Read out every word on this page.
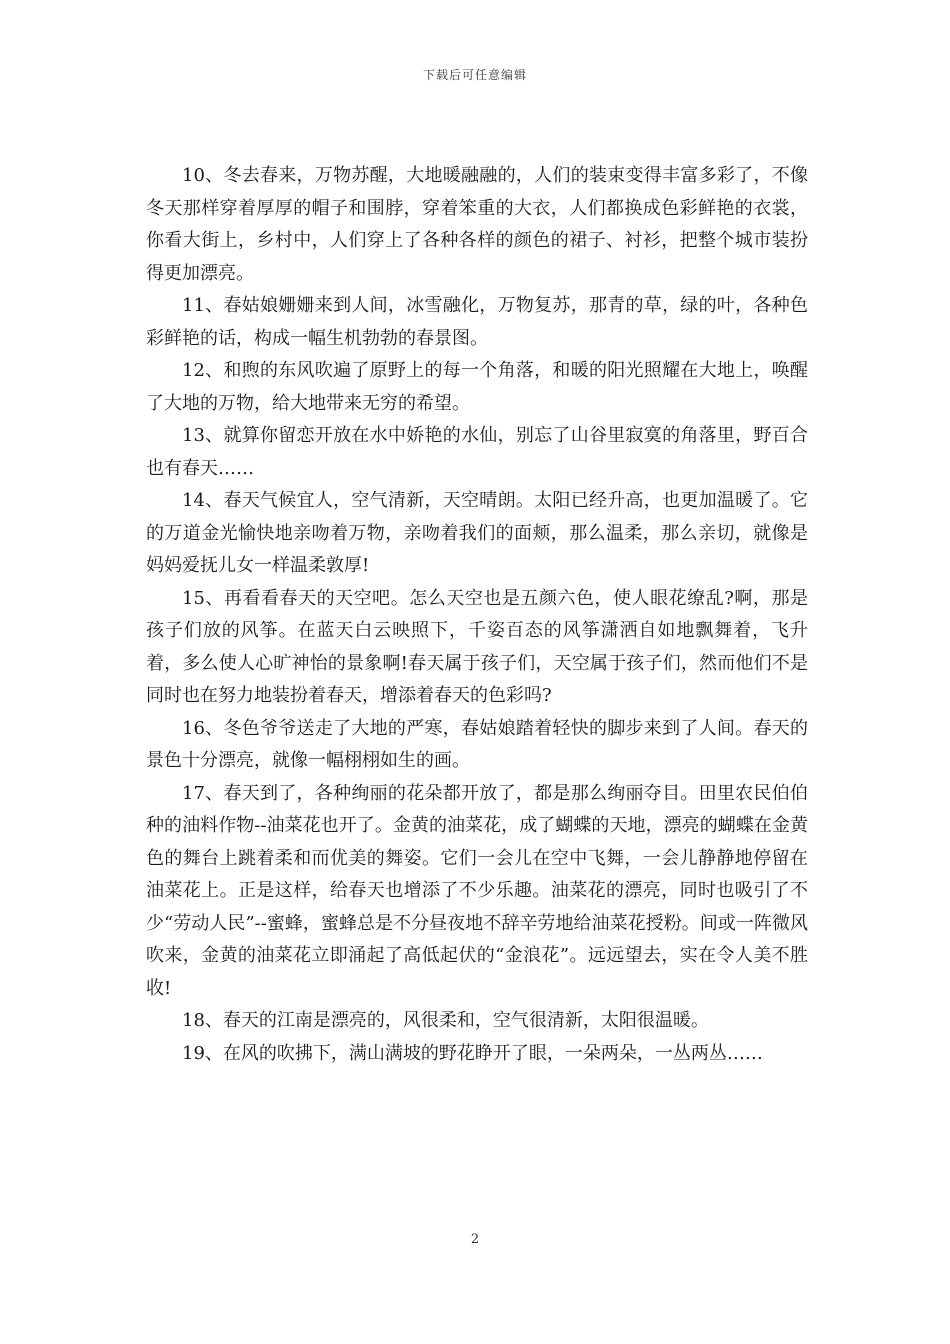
下载后可任意编辑

10、冬去春来，万物苏醒，大地暖融融的，人们的装束变得丰富多彩了，不像冬天那样穿着厚厚的帽子和围脖，穿着笨重的大衣，人们都换成色彩鲜艳的衣裳，你看大街上，乡村中，人们穿上了各种各样的颜色的裙子、衬衫，把整个城市装扮得更加漂亮。

11、春姑娘姗姗来到人间，冰雪融化，万物复苏，那青的草，绿的叶，各种色彩鲜艳的话，构成一幅生机勃勃的春景图。

12、和煦的东风吹遍了原野上的每一个角落，和暖的阳光照耀在大地上，唤醒了大地的万物，给大地带来无穷的希望。

13、就算你留恋开放在水中娇艳的水仙，别忘了山谷里寂寞的角落里，野百合也有春天……

14、春天气候宜人，空气清新，天空晴朗。太阳已经升高，也更加温暖了。它的万道金光愉快地亲吻着万物，亲吻着我们的面颊，那么温柔，那么亲切，就像是妈妈爱抚儿女一样温柔敦厚!

15、再看看春天的天空吧。怎么天空也是五颜六色，使人眼花缭乱?啊，那是孩子们放的风筝。在蓝天白云映照下，千姿百态的风筝潇洒自如地飘舞着，飞升着，多么使人心旷神怡的景象啊!春天属于孩子们，天空属于孩子们，然而他们不是同时也在努力地装扮着春天，增添着春天的色彩吗?

16、冬色爷爷送走了大地的严寒，春姑娘踏着轻快的脚步来到了人间。春天的景色十分漂亮，就像一幅栩栩如生的画。

17、春天到了，各种绚丽的花朵都开放了，都是那么绚丽夺目。田里农民伯伯种的油料作物--油菜花也开了。金黄的油菜花，成了蝴蝶的天地，漂亮的蝴蝶在金黄色的舞台上跳着柔和而优美的舞姿。它们一会儿在空中飞舞，一会儿静静地停留在油菜花上。正是这样，给春天也增添了不少乐趣。油菜花的漂亮，同时也吸引了不少“劳动人民”--蜜蜂，蜜蜂总是不分昼夜地不辞辛劳地给油菜花授粉。间或一阵微风吹来，金黄的油菜花立即涌起了高低起伏的“金浪花”。远远望去，实在令人美不胜收!

18、春天的江南是漂亮的，风很柔和，空气很清新，太阳很温暖。

19、在风的吹拂下，满山满坡的野花睁开了眼，一朵两朵，一丛两丛……

2
